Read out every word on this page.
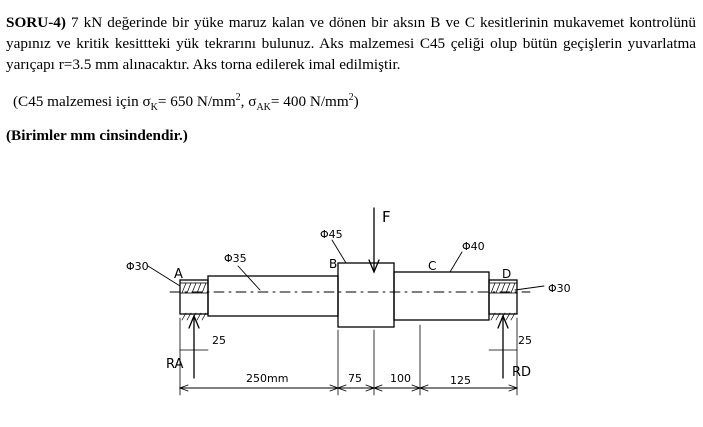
SORU-4) 7 kN değerinde bir yüke maruz kalan ve dönen bir aksın B ve C kesitlerinin mukavemet kontrolünü yapınız ve kritik kesittteki yük tekrarını bulunuz. Aks malzemesi C45 çeliği olup bütün geçişlerin yuvarlatma yarıçapı r=3.5 mm alınacaktır. Aks torna edilerek imal edilmiştir.
(C45 malzemesi için $\sigma_K= 650$ $N/mm^2$, $\sigma_{AK}= 400$ $N/mm^2$)
(Birimler mm cinsindendir.)
F
A
B	C
D
Φ30
Φ35
Φ45
Φ40
Φ30
RA
RD
25
250mm	75	100	125
25
